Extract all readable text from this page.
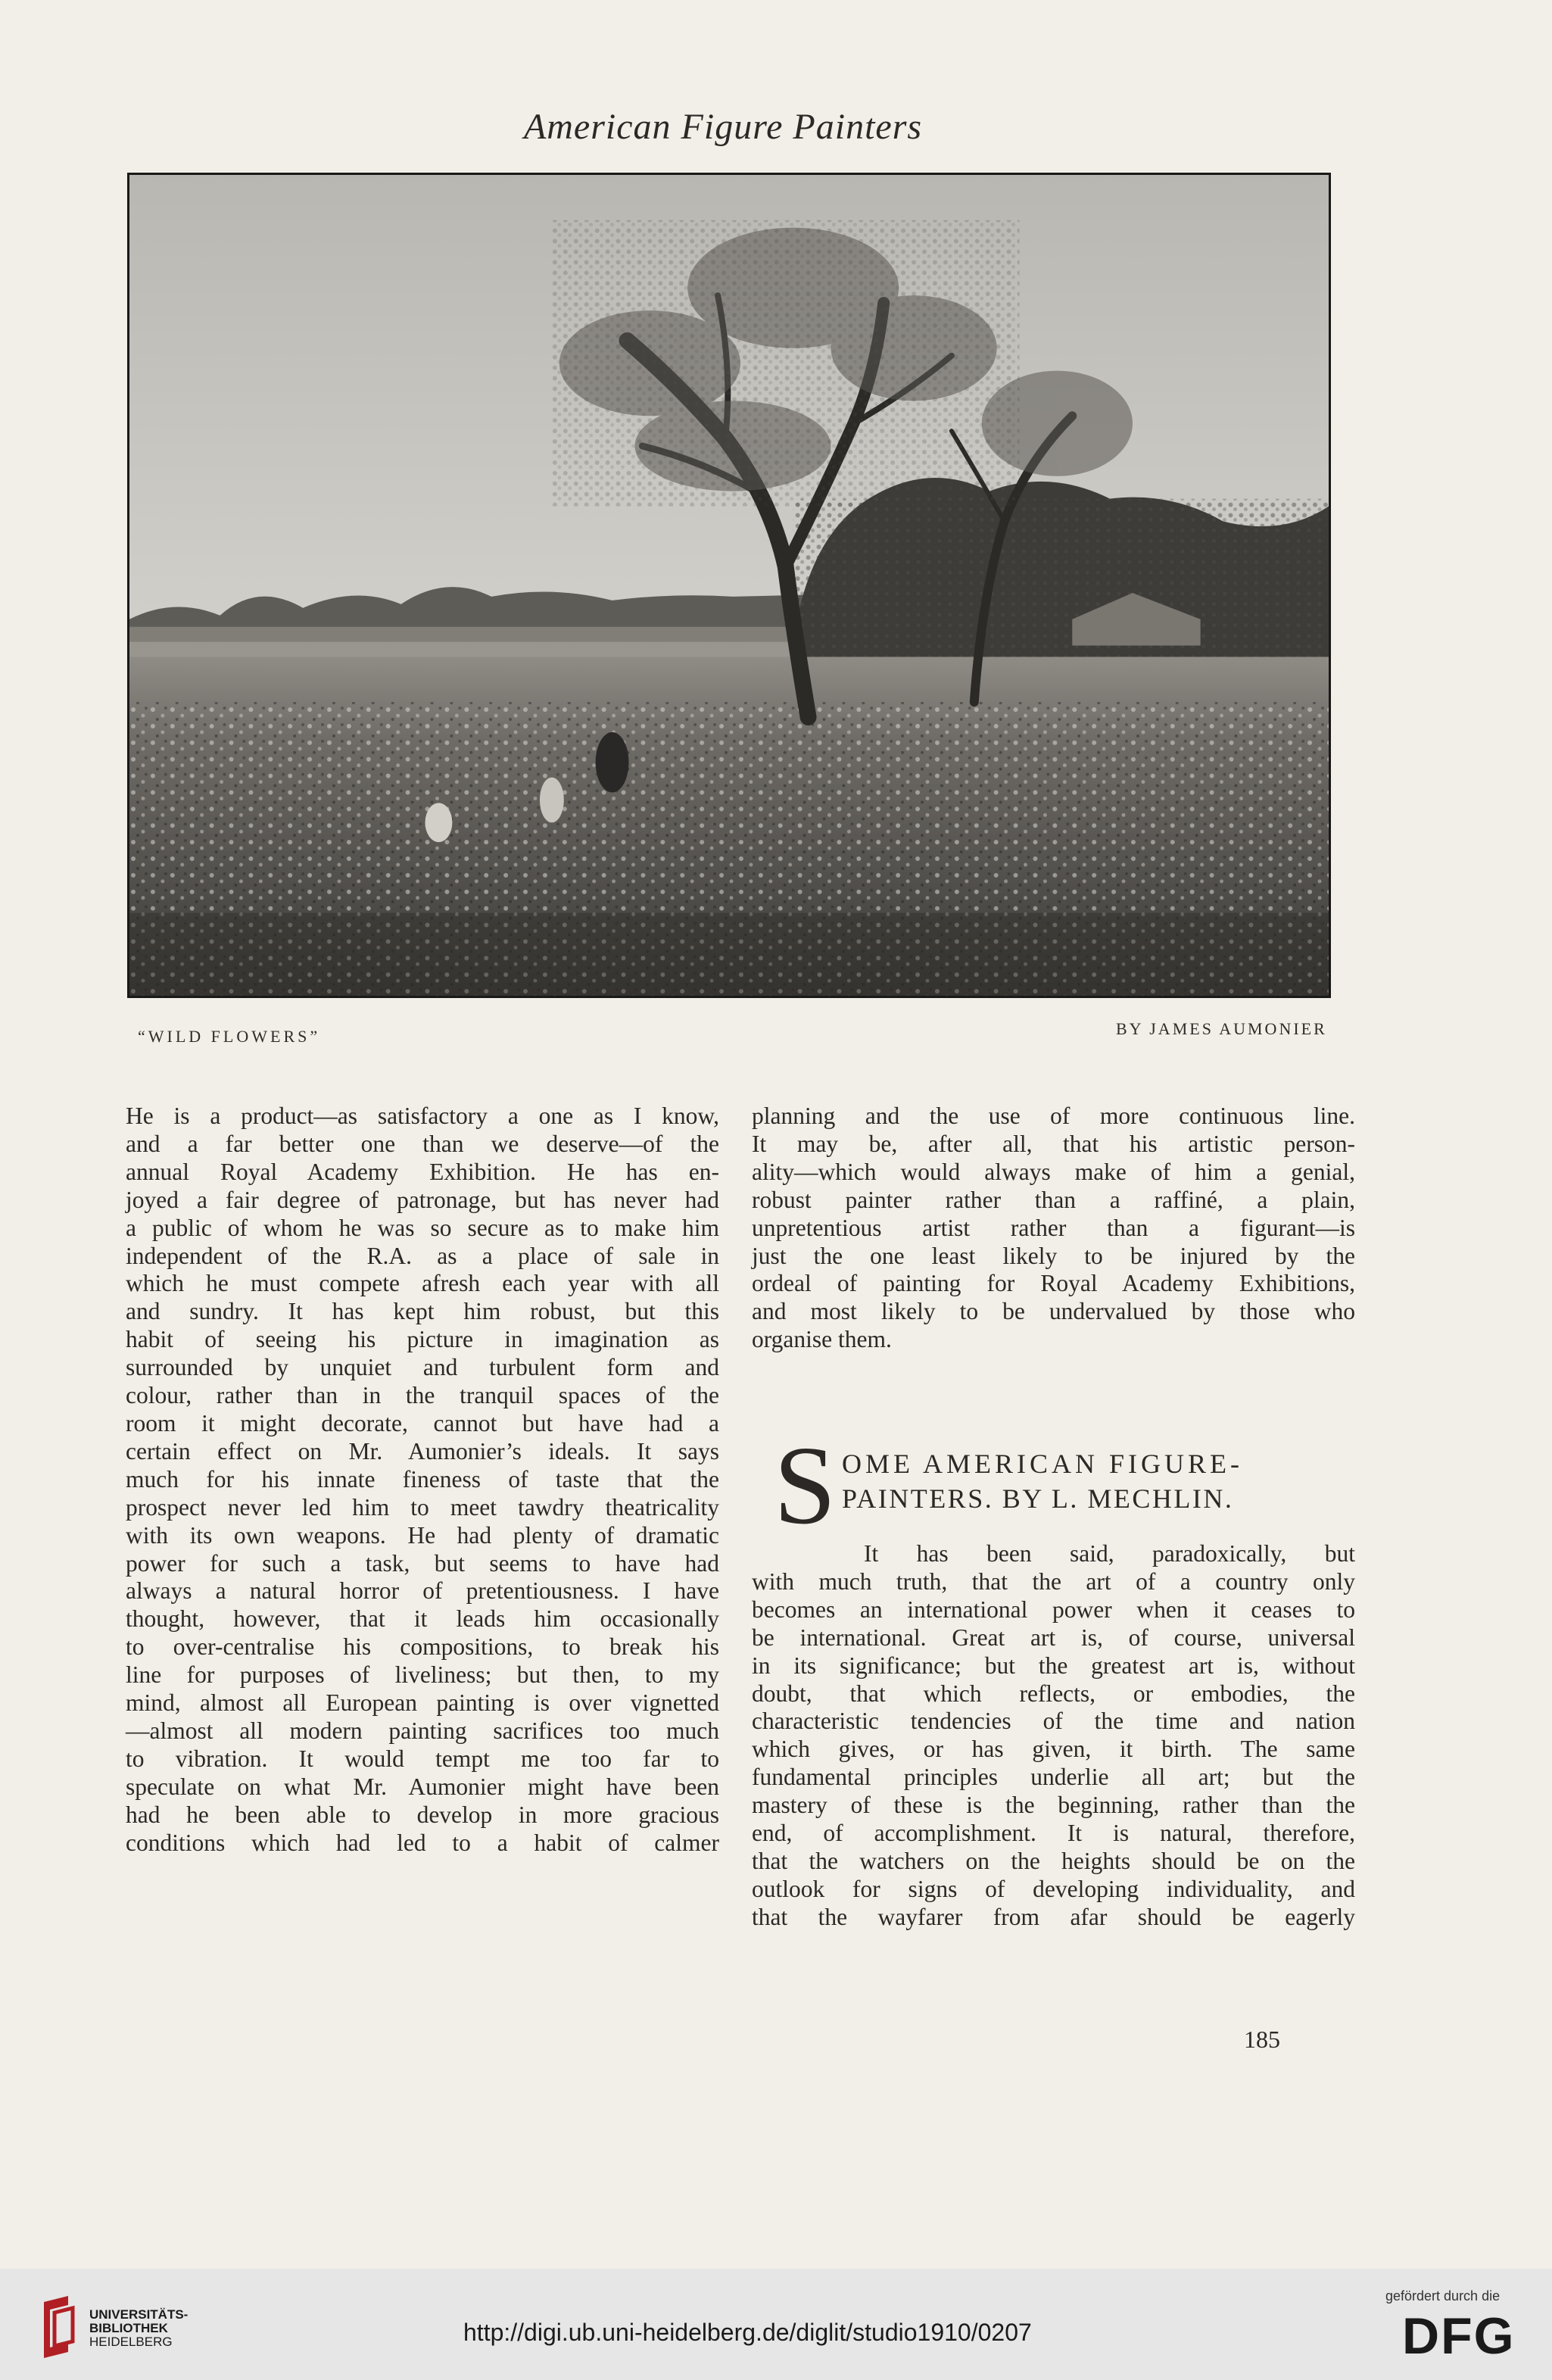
American Figure Painters
“WILD FLOWERS”	BY JAMES AUMONIER
He is a product—as satisfactory a one as I know,
and a far better one than we deserve—of the
annual Royal Academy Exhibition. He has en-
joyed a fair degree of patronage, but has never had
a public of whom he was so secure as to make him
independent of the R.A. as a place of sale in
which he must compete afresh each year with all
and sundry. It has kept him robust, but this
habit of seeing his picture in imagination as
surrounded by unquiet and turbulent form and
colour, rather than in the tranquil spaces of the
room it might decorate, cannot but have had a
certain effect on Mr. Aumonier’s ideals. It says
much for his innate fineness of taste that the
prospect never led him to meet tawdry theatricality
with its own weapons. He had plenty of dramatic
power for such a task, but seems to have had
always a natural horror of pretentiousness. I have
thought, however, that it leads him occasionally
to over-centralise his compositions, to break his
line for purposes of liveliness; but then, to my
mind, almost all European painting is over vignetted
—almost all modern painting sacrifices too much
to vibration. It would tempt me too far to
speculate on what Mr. Aumonier might have been
had he been able to develop in more gracious
conditions which had led to a habit of calmer
planning and the use of more continuous line.
It may be, after all, that his artistic person-
ality—which would always make of him a genial,
robust painter rather than a raffiné, a plain,
unpretentious artist rather than a figurant—is
just the one least likely to be injured by the
ordeal of painting for Royal Academy Exhibitions,
and most likely to be undervalued by those who
organise them.
S OME AMERICAN FIGURE-
PAINTERS. BY L. MECHLIN.
It has been said, paradoxically, but
with much truth, that the art of a country only
becomes an international power when it ceases to
be international. Great art is, of course, universal
in its significance; but the greatest art is, without
doubt, that which reflects, or embodies, the
characteristic tendencies of the time and nation
which gives, or has given, it birth. The same
fundamental principles underlie all art; but the
mastery of these is the beginning, rather than the
end, of accomplishment. It is natural, therefore,
that the watchers on the heights should be on the
outlook for signs of developing individuality, and
that the wayfarer from afar should be eagerly
185
UNIVERSITÄTS-
BIBLIOTHEK
HEIDELBERG	http://digi.ub.uni-heidelberg.de/diglit/studio1910/0207
gefördert durch die
DFG
